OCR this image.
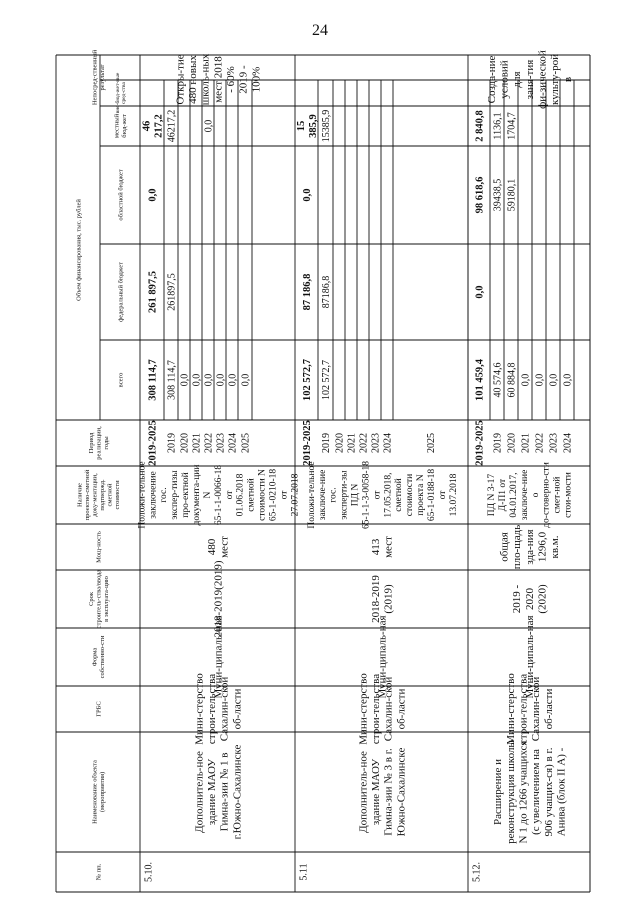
24
№ пп.
Наименование объекта(мероприятия)
ГРБС
Формасобственно-сти
Срокстроитель-ства/вводав эксплуата-цию
Мощ-ность
Наличиепроектно-сметнойдоку-ментации,подтвержд.сметнойстоимости
Периодреализации,годы
Объем финансирования, тыс. рублей
всего
федеральный бюджет
областной бюджет
местныйбюд-жет
вне-бюд-жет-ныесред-ства
Непосред-ственныйрезультат
5.10.
Дополнитель-ноездание МАОУГимна-зии № 1 вг.Южно-Сахалинске
Мини-стерствострои-тельстваСахалин-скойоб-ласти
Муни-ципаль-ная
2018-2019(2019)
480мест
Положи-тельноезаключениегос.экспер-тизыпро-ектнойдокумента-цииN65-1-1-0066-18от01.06.2018сметнойстоимости N65-1-0210-18от27.07.2018
2019-2025
308 114,7
261 897,5
0,0
46217,2
2019
308 114,7
261897,5
46217,2
2020
0,0
2021
0,0
2022
0,0
0,0
2023
0,0
2024
0,0
2025
0,0
Откры-тие480 новыхшколь-ныхмест 2018- 60%2019 -100%
5.11
Дополнитель-ноездание МАОУГимна-зии № 3 в г.Южно-Сахалинске
Мини-стерствострои-тельстваСахалин-скойоб-ласти
Муни-ципаль-ная
2018-2019(2019)
413мест
Положи-тельноезаключе-ниегос.эксперти-зыПД N65-1-1-3-0058-18от17.05.2018,сметнойстоимостипроекта N65-1-0188-18от13.07.2018
2019-2025
102 572,7
87 186,8
0,0
15385,9
2019
102 572,7
87186,8
15385,9
2020 2021 2022 2023 2024	2025
5.12.
Расширение иреконструкция школыN 1 до 1266 учащихся(с увеличением на906 учащих-ся) в г.Анива (блок II А) -
Мини-стерствострои-тельстваСахалин-скойоб-ласти
Муни-ципаль-ная
2019 -2020(2020)
общаяпло-щадьзда-ния1296,0кв.м.
ПД N 3-17Д-П1 от04.01.2017,заключе-ниеодо-стоверно-стисмет-нойстои-мости
2019-2025
101 459,4
0,0
98 618,6
2 840,8
2019
40 574,6
39438,5
1136,1
2020
60 884,8
59180,1
1704,7
2021
0,0
2022
0,0
2023
0,0
2024
0,0
Созда-ниеусловийдлязаня-тияфи-зическойкульту-ройв
